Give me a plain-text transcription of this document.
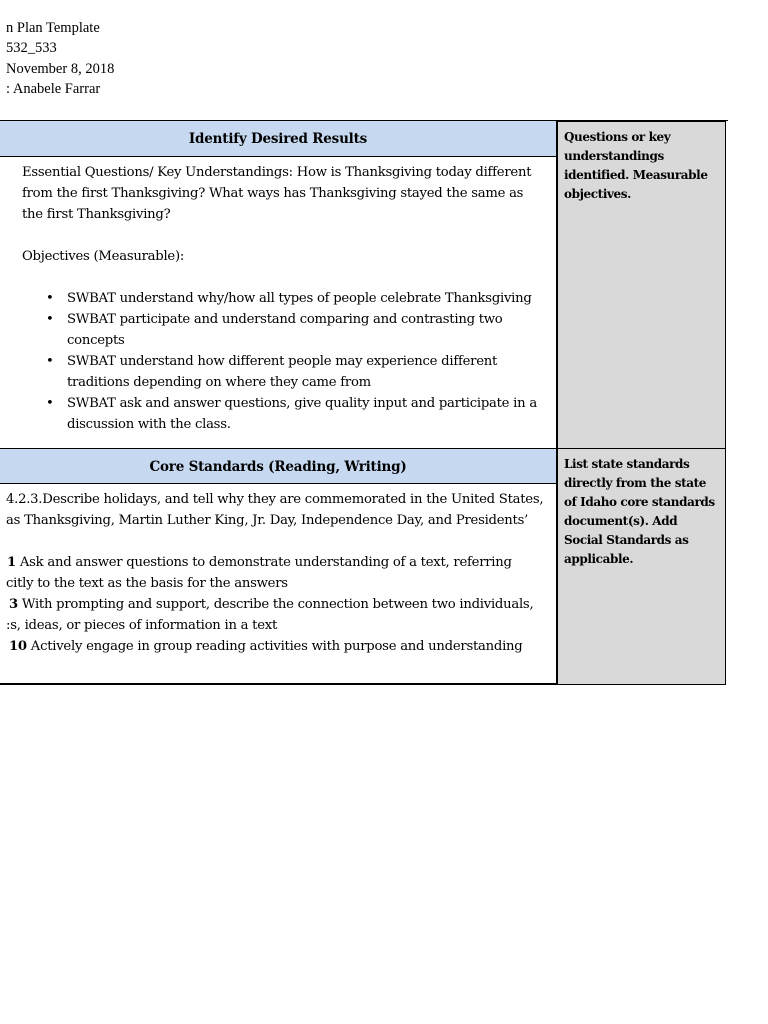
n Plan Template
532_533
November 8, 2018
: Anabele Farrar
Identify Desired Results

Essential Questions/ Key Understandings: How is Thanksgiving today different from the first Thanksgiving? What ways has Thanksgiving stayed the same as the first Thanksgiving?

Objectives (Measurable):

• SWBAT understand why/how all types of people celebrate Thanksgiving
• SWBAT participate and understand comparing and contrasting two concepts
• SWBAT understand how different people may experience different traditions depending on where they came from
• SWBAT ask and answer questions, give quality input and participate in a discussion with the class.
Questions or key understandings identified. Measurable objectives.
Core Standards (Reading, Writing)
4.2.3.Describe holidays, and tell why they are commemorated in the United States,
as Thanksgiving, Martin Luther King, Jr. Day, Independence Day, and Presidents’
1 Ask and answer questions to demonstrate understanding of a text, referring
citly to the text as the basis for the answers
3 With prompting and support, describe the connection between two individuals,
:s, ideas, or pieces of information in a text
10 Actively engage in group reading activities with purpose and understanding
List state standards directly from the state of Idaho core standards document(s). Add Social Standards as applicable.
